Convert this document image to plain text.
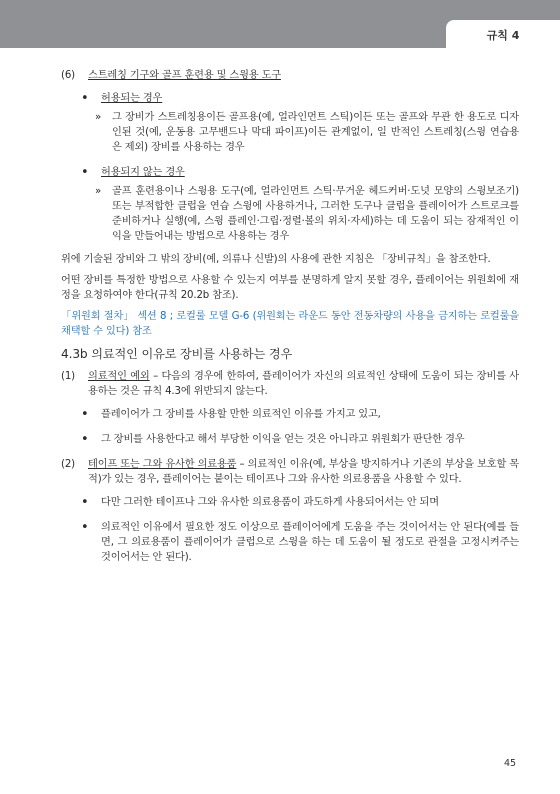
규칙 4
(6)	스트레칭 기구와 골프 훈련용 및 스윙용 도구
•	허용되는 경우
»	그 장비가 스트레칭용이든 골프용(예, 얼라인먼트 스틱)이든 또는 골프와 무관 한 용도로 디자인된 것(예, 운동용 고무밴드나 막대 파이프)이든 관계없이, 일 반적인 스트레칭(스윙 연습용은 제외) 장비를 사용하는 경우
•	허용되지 않는 경우
»	골프 훈련용이나 스윙용 도구(예, 얼라인먼트 스틱·무거운 헤드커버·도넛 모양의 스윙보조기) 또는 부적합한 클럽을 연습 스윙에 사용하거나, 그러한 도구나 클럽을 플레이어가 스트로크를 준비하거나 실행(예, 스윙 플레인·그립·정렬·볼의 위치·자세)하는 데 도움이 되는 잠재적인 이익을 만들어내는 방법으로 사용하는 경우

위에 기술된 장비와 그 밖의 장비(예, 의류나 신발)의 사용에 관한 지침은 「장비규칙」을 참조한다.

어떤 장비를 특정한 방법으로 사용할 수 있는지 여부를 분명하게 알지 못할 경우, 플레이어는 위원회에 재정을 요청하여야 한다(규칙 20.2b 참조).

「위원회 절차」 섹션 8 ; 로컬룰 모델 G-6 (위원회는 라운드 동안 전동차량의 사용을 금지하는 로컬룰을 채택할 수 있다) 참조

4.3b 의료적인 이유로 장비를 사용하는 경우
(1)	의료적인 예외 – 다음의 경우에 한하여, 플레이어가 자신의 의료적인 상태에 도움이 되는 장비를 사용하는 것은 규칙 4.3에 위반되지 않는다.
•	플레이어가 그 장비를 사용할 만한 의료적인 이유를 가지고 있고,
•	그 장비를 사용한다고 해서 부당한 이익을 얻는 것은 아니라고 위원회가 판단한 경우
(2)	테이프 또는 그와 유사한 의료용품 – 의료적인 이유(예, 부상을 방지하거나 기존의 부상을 보호할 목적)가 있는 경우, 플레이어는 붙이는 테이프나 그와 유사한 의료용품을 사용할 수 있다.
•	다만 그러한 테이프나 그와 유사한 의료용품이 과도하게 사용되어서는 안 되며
•	의료적인 이유에서 필요한 정도 이상으로 플레이어에게 도움을 주는 것이어서는 안 된다(예를 들면, 그 의료용품이 플레이어가 클럽으로 스윙을 하는 데 도움이 될 정도로 관절을 고정시켜주는 것이어서는 안 된다).
45
